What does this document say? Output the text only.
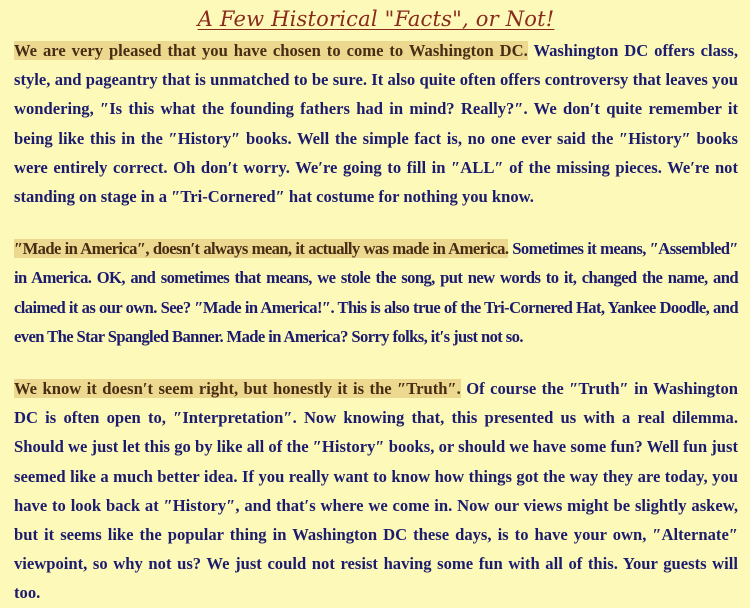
A Few Historical "Facts", or Not!

We are very pleased that you have chosen to come to Washington DC. Washington DC offers class, style, and pageantry that is unmatched to be sure. It also quite often offers controversy that leaves you wondering, ″Is this what the founding fathers had in mind? Really?″. We don′t quite remember it being like this in the ″History″ books. Well the simple fact is, no one ever said the ″History″ books were entirely correct. Oh don′t worry. We′re going to fill in ″ALL″ of the missing pieces. We′re not standing on stage in a ″Tri-Cornered″ hat costume for nothing you know.

″Made in America″, doesn′t always mean, it actually was made in America. Sometimes it means, ″Assembled″ in America. OK, and sometimes that means, we stole the song, put new words to it, changed the name, and claimed it as our own. See? ″Made in America!″. This is also true of the Tri-Cornered Hat, Yankee Doodle, and even The Star Spangled Banner. Made in America? Sorry folks, it′s just not so.

We know it doesn′t seem right, but honestly it is the ″Truth″. Of course the ″Truth″ in Washington DC is often open to, ″Interpretation″. Now knowing that, this presented us with a real dilemma. Should we just let this go by like all of the ″History″ books, or should we have some fun? Well fun just seemed like a much better idea. If you really want to know how things got the way they are today, you have to look back at ″History″, and that′s where we come in. Now our views might be slightly askew, but it seems like the popular thing in Washington DC these days, is to have your own, ″Alternate″ viewpoint, so why not us? We just could not resist having some fun with all of this. Your guests will too.
